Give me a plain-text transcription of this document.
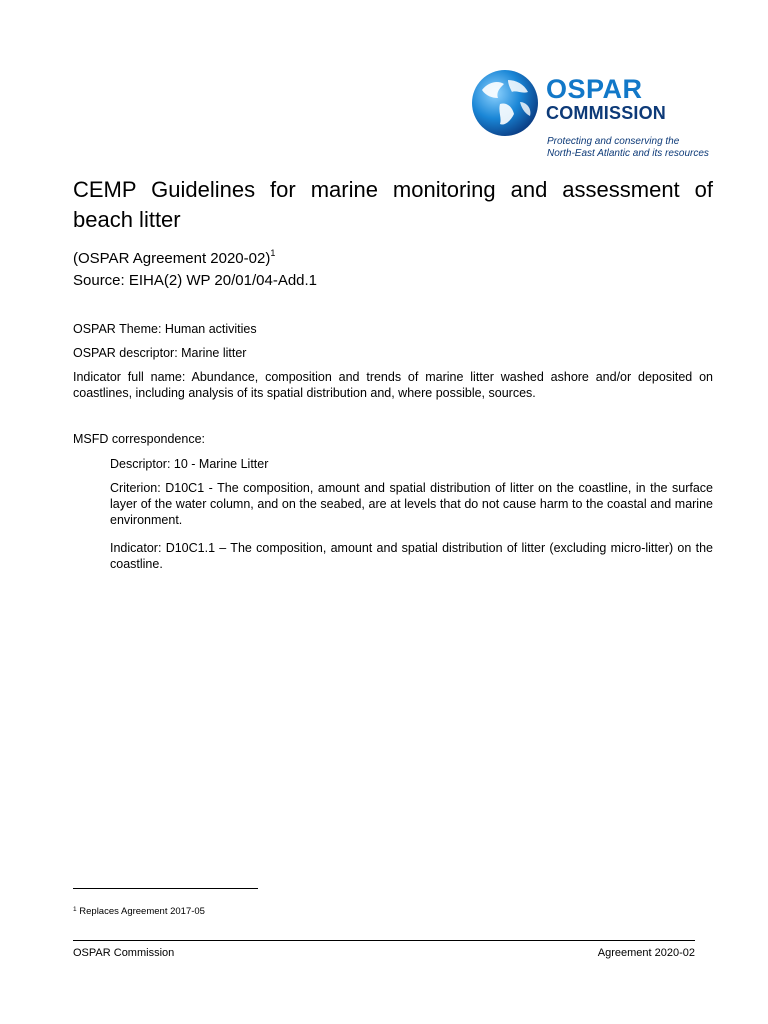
OSPAR
COMMISSION
Protecting and conserving the
North-East Atlantic and its resources
CEMP Guidelines for marine monitoring and assessment of beach litter
(OSPAR Agreement 2020-02)$^1$
Source: EIHA(2) WP 20/01/04-Add.1
OSPAR Theme: Human activities
OSPAR descriptor: Marine litter
Indicator full name: Abundance, composition and trends of marine litter washed ashore and/or deposited on coastlines, including analysis of its spatial distribution and, where possible, sources.
MSFD correspondence:
Descriptor: 10 - Marine Litter
Criterion: D10C1 - The composition, amount and spatial distribution of litter on the coastline, in the surface layer of the water column, and on the seabed, are at levels that do not cause harm to the coastal and marine environment.
Indicator: D10C1.1 – The composition, amount and spatial distribution of litter (excluding micro-litter) on the coastline.
$^1$ Replaces Agreement 2017-05
OSPAR Commission	Agreement 2020-02
